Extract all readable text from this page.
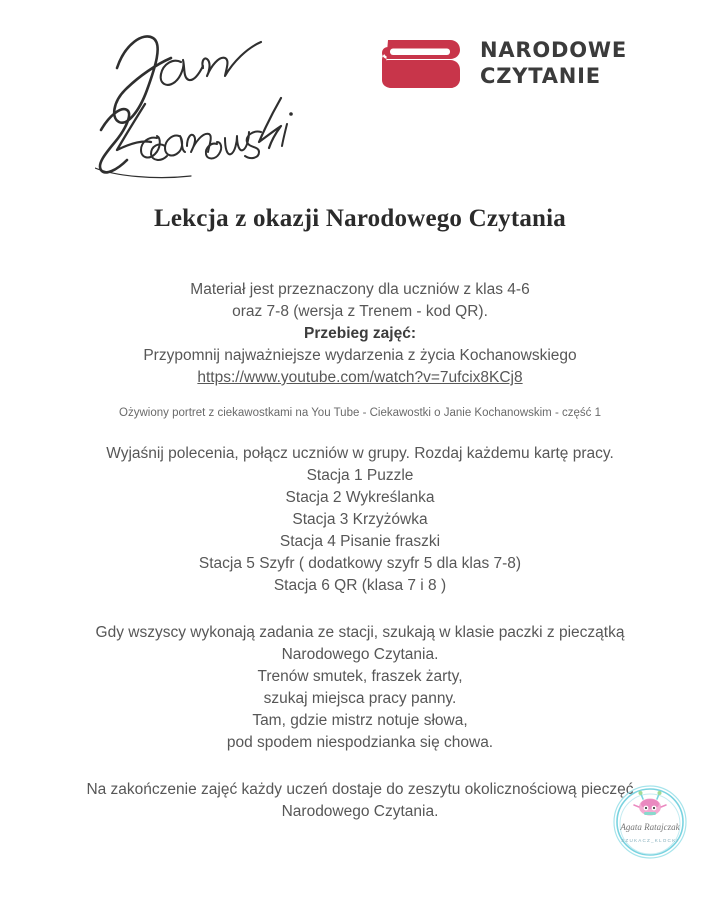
NARODOWE
CZYTANIE
Lekcja z okazji Narodowego Czytania

Materiał jest przeznaczony dla uczniów z klas 4-6
oraz 7-8 (wersja z Trenem - kod QR).
Przebieg zajęć:

Przypomnij najważniejsze wydarzenia z życia Kochanowskiego
https://www.youtube.com/watch?v=7ufcix8KCj8
Ożywiony portret z ciekawostkami na You Tube - Ciekawostki o Janie Kochanowskim - część 1

Wyjaśnij polecenia, połącz uczniów w grupy. Rozdaj każdemu kartę pracy.
Stacja 1 Puzzle
Stacja 2 Wykreślanka
Stacja 3 Krzyżówka
Stacja 4 Pisanie fraszki
Stacja 5 Szyfr ( dodatkowy szyfr 5 dla klas 7-8)
Stacja 6 QR (klasa 7 i 8 )

Gdy wszyscy wykonają zadania ze stacji, szukają w klasie paczki z pieczątką
Narodowego Czytania.
Trenów smutek, fraszek żarty,
szukaj miejsca pracy panny.
Tam, gdzie mistrz notuje słowa,
pod spodem niespodzianka się chowa.

Na zakończenie zajęć każdy uczeń dostaje do zeszytu okolicznościową pieczęć
Narodowego Czytania.

Agata Ratajczak
SZUKACZ_KLOCKI
